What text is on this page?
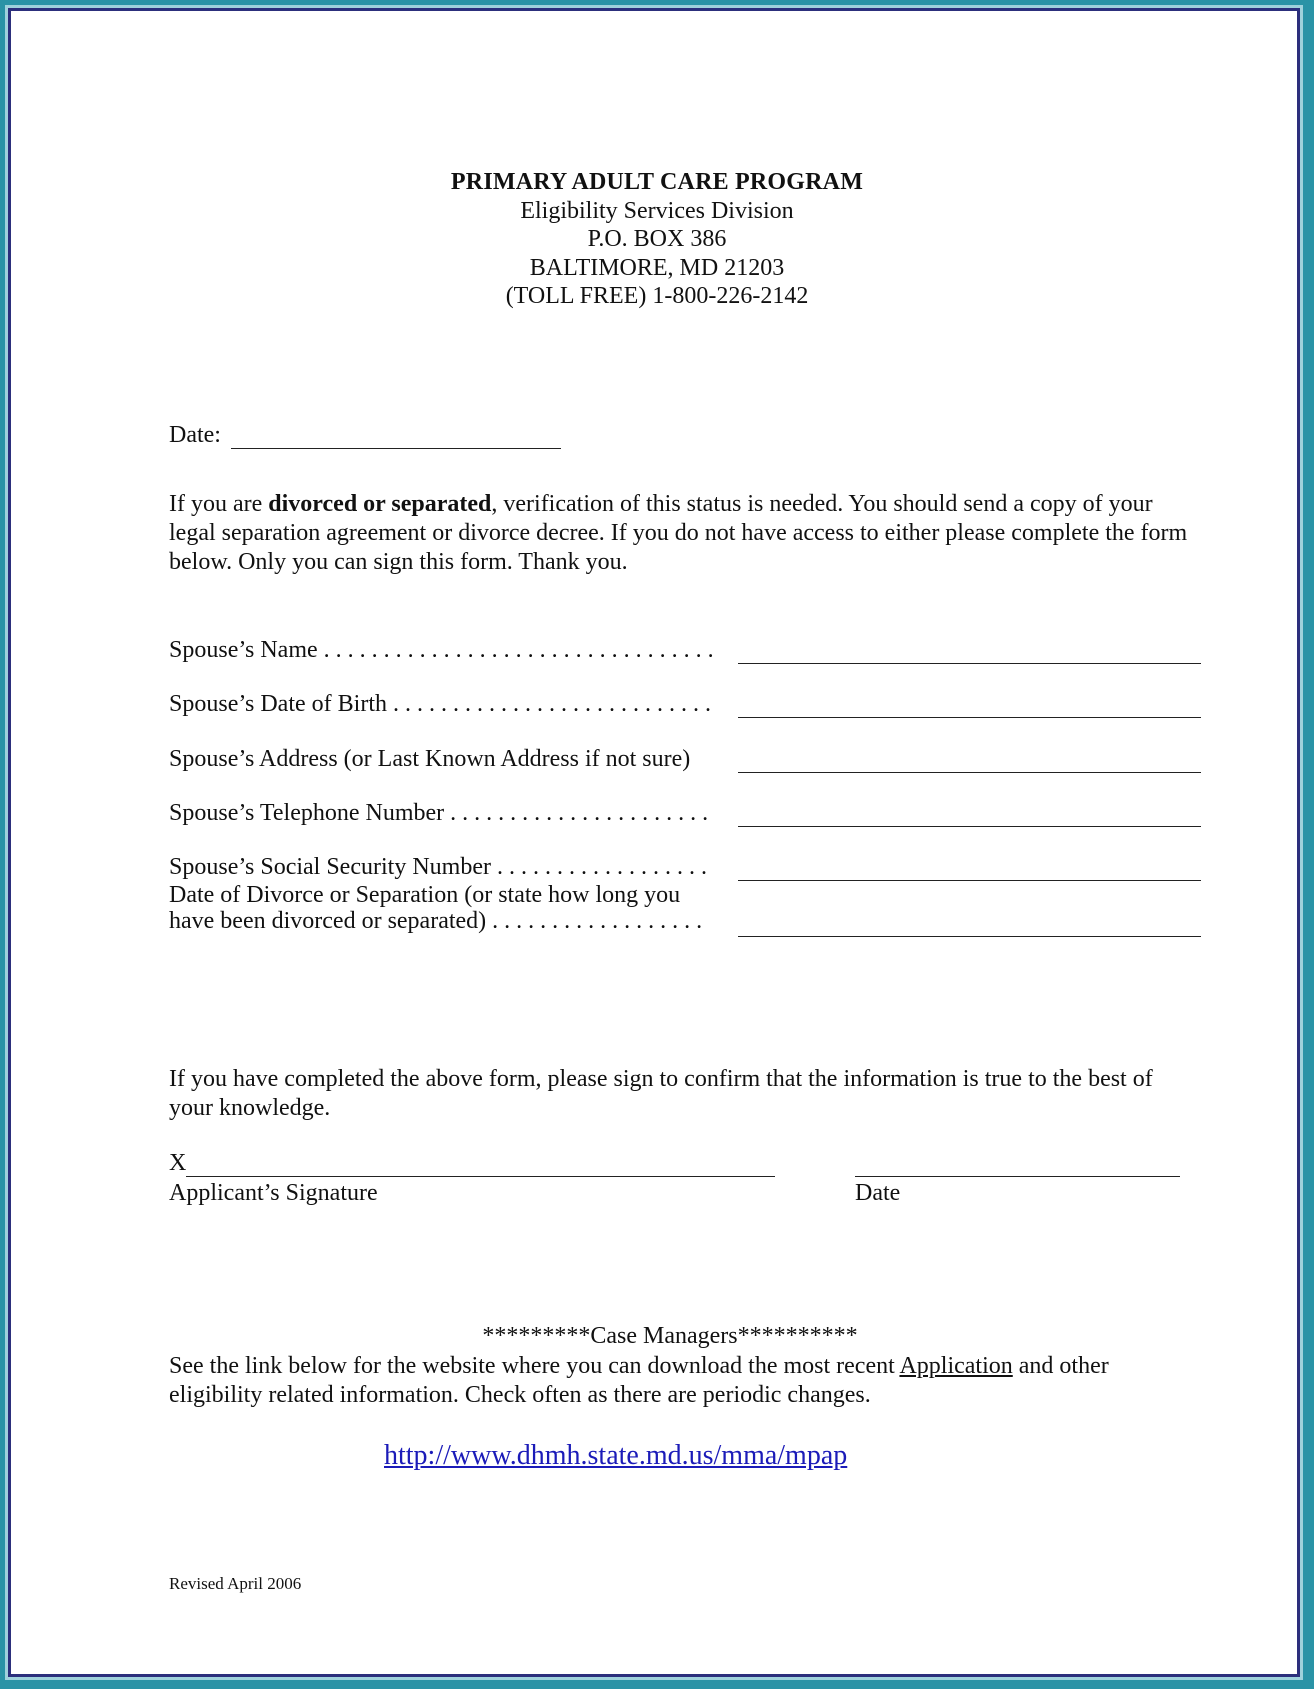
PRIMARY ADULT CARE PROGRAM
Eligibility Services Division
P.O. BOX 386
BALTIMORE, MD 21203
(TOLL FREE) 1-800-226-2142
Date:
If you are divorced or separated, verification of this status is needed. You should send a copy of your legal separation agreement or divorce decree. If you do not have access to either please complete the form below. Only you can sign this form. Thank you.
Spouse’s Name . . . . . . . . . . . . . . . . . . . . . . . . . . . . . . . . .
Spouse’s Date of Birth . . . . . . . . . . . . . . . . . . . . . . . . . . .
Spouse’s Address (or Last Known Address if not sure)
Spouse’s Telephone Number . . . . . . . . . . . . . . . . . . . . . .
Spouse’s Social Security Number . . . . . . . . . . . . . . . . . .
Date of Divorce or Separation (or state how long you
have been divorced or separated) . . . . . . . . . . . . . . . . . .
If you have completed the above form, please sign to confirm that the information is true to the best of your knowledge.
X
Applicant’s Signature	Date
*********Case Managers**********
See the link below for the website where you can download the most recent Application and other eligibility related information. Check often as there are periodic changes.
http://www.dhmh.state.md.us/mma/mpap
Revised April 2006
